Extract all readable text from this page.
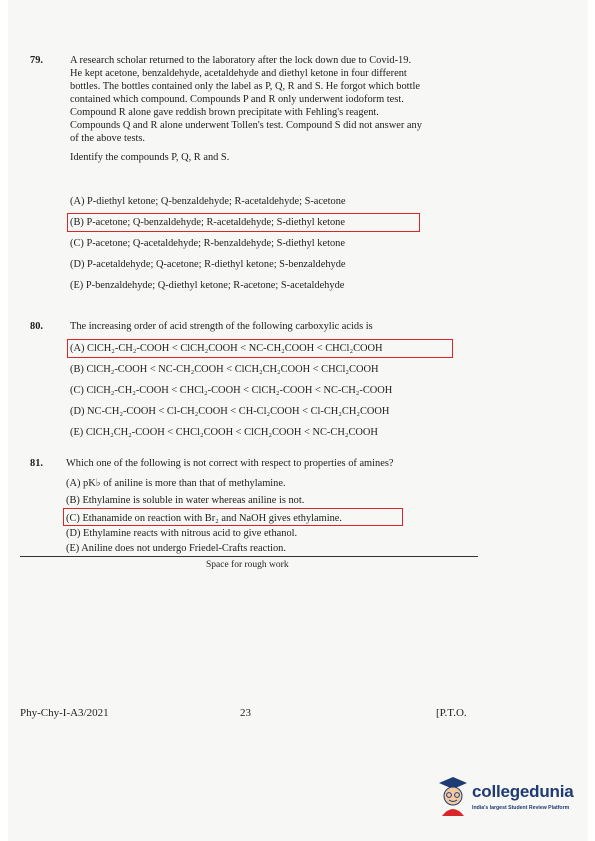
79.	A research scholar returned to the laboratory after the lock down due to Covid-19.
He kept acetone, benzaldehyde, acetaldehyde and diethyl ketone in four different
bottles. The bottles contained only the label as P, Q, R and S. He forgot which bottle
contained which compound. Compounds P and R only underwent iodoform test.
Compound R alone gave reddish brown precipitate with Fehling's reagent.
Compounds Q and R alone underwent Tollen's test. Compound S did not answer any
of the above tests.
Identify the compounds P, Q, R and S.
(A) P-diethyl ketone; Q-benzaldehyde; R-acetaldehyde; S-acetone
(B) P-acetone; Q-benzaldehyde; R-acetaldehyde; S-diethyl ketone
(C) P-acetone; Q-acetaldehyde; R-benzaldehyde; S-diethyl ketone
(D) P-acetaldehyde; Q-acetone; R-diethyl ketone; S-benzaldehyde
(E) P-benzaldehyde; Q-diethyl ketone; R-acetone; S-acetaldehyde
80.	The increasing order of acid strength of the following carboxylic acids is
(A) ClCH₂-CH₂-COOH < ClCH₂COOH < NC-CH₂COOH < CHCl₂COOH
(B) ClCH₂-COOH < NC-CH₂COOH < ClCH₂CH₂COOH < CHCl₂COOH
(C) ClCH₂-CH₂-COOH < CHCl₂-COOH < ClCH₂-COOH < NC-CH₂-COOH
(D) NC-CH₂-COOH < Cl-CH₂COOH < CH-Cl₂COOH < Cl-CH₂CH₂COOH
(E) ClCH₂CH₂-COOH < CHCl₂COOH < ClCH₂COOH < NC-CH₂COOH
81. Which one of the following is not correct with respect to properties of amines?
(A) pK♭ of aniline is more than that of methylamine.
(B) Ethylamine is soluble in water whereas aniline is not.
(C) Ethanamide on reaction with Br₂ and NaOH gives ethylamine.
(D) Ethylamine reacts with nitrous acid to give ethanol.
(E) Aniline does not undergo Friedel-Crafts reaction.
Space for rough work
Phy-Chy-I-A3/2021	23	[P.T.O.
collegedunia
India's largest Student Review Platform
